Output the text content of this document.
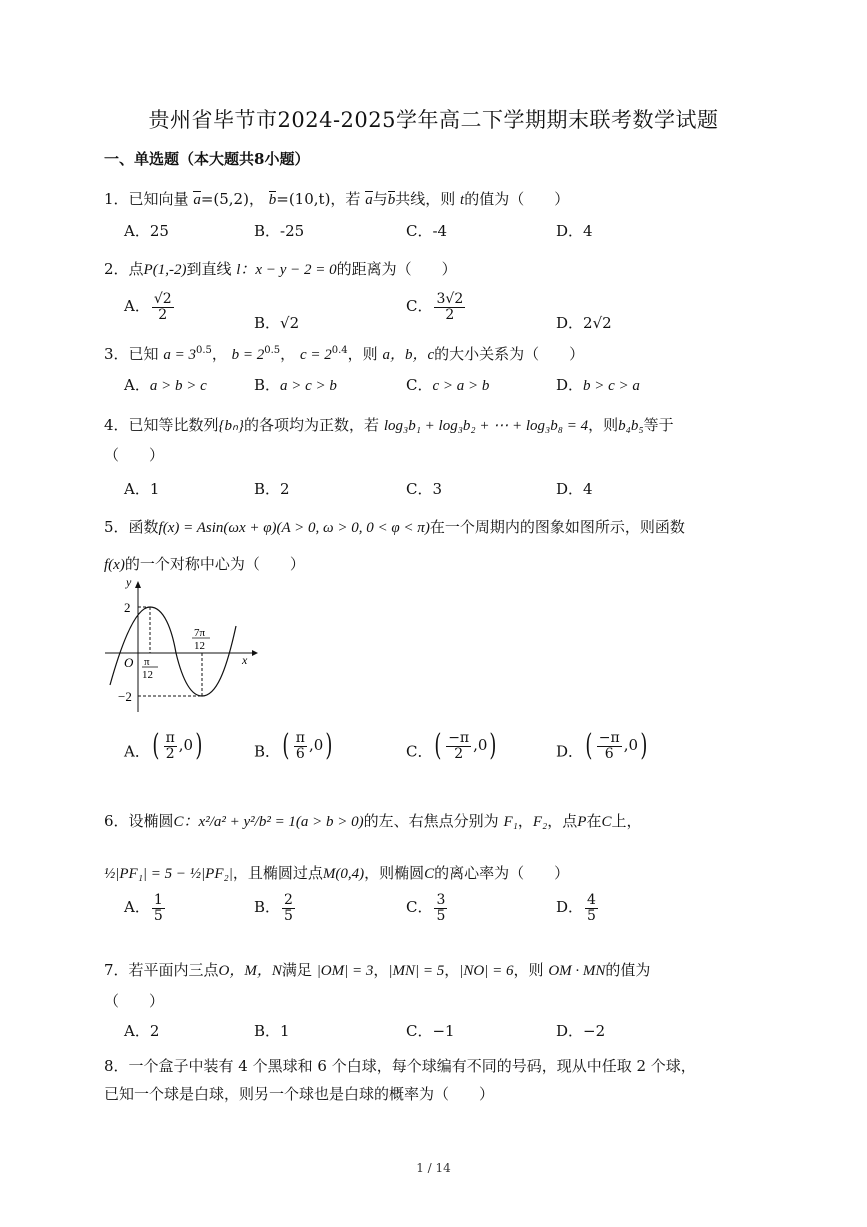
贵州省毕节市2024-2025学年高二下学期期末联考数学试题
一、单选题（本大题共8小题）
1．已知向量 a=(5,2)， b=(10,t)，若 a与b共线，则 t的值为（　　）
A．25	B．-25	C．-4	D．4
2．点P(1,-2)到直线 l：x − y − 2 = 0的距离为（　　）
A． $\frac{√2}{2}$
B．√2
C． $\frac{3√2}{2}$
D．2√2
3．已知 $a = 3^{0.5}$， $b = 2^{0.5}$， $c = 2^{0.4}$，则 a，b，c的大小关系为（　　）
A．a > b > c	B．a > c > b	C．c > a > b	D．b > c > a
4．已知等比数列{bₙ}的各项均为正数，若 log₃b₁ + log₃b₂ + ⋯ + log₃b₈ = 4，则b₄b₅等于
（　　）
A．1	B．2	C．3	D．4
5．函数f(x) = Asin(ωx + φ)(A > 0, ω > 0, 0 < φ < π)在一个周期内的图象如图所示，则函数
f(x)的一个对称中心为（　　）
y
x
O
2
−2
π
12
7π
12
A．( $\frac{\pi}{2} ,0$)	B．( $\frac{\pi}{6} ,0$)	C．( $\frac{-\pi}{2} ,0$)	D．( $\frac{-\pi}{6} ,0$)
6．设椭圆C：x²/a² + y²/b² = 1(a > b > 0)的左、右焦点分别为 F₁，F₂，点P在C上，
½|PF₁| = 5 − ½|PF₂|，且椭圆过点M(0,4)，则椭圆C的离心率为（　　）
A． $\frac{1}{5}$	B． $\frac{2}{5}$	C． $\frac{3}{5}$	D． $\frac{4}{5}$
7．若平面内三点O，M，N满足 |OM| = 3，|MN| = 5，|NO| = 6，则 OM · MN的值为
（　　）
A．2	B．1	C．−1	D．−2
8．一个盒子中装有 4 个黑球和 6 个白球，每个球编有不同的号码，现从中任取 2 个球，
已知一个球是白球，则另一个球也是白球的概率为（　　）
1 / 14
